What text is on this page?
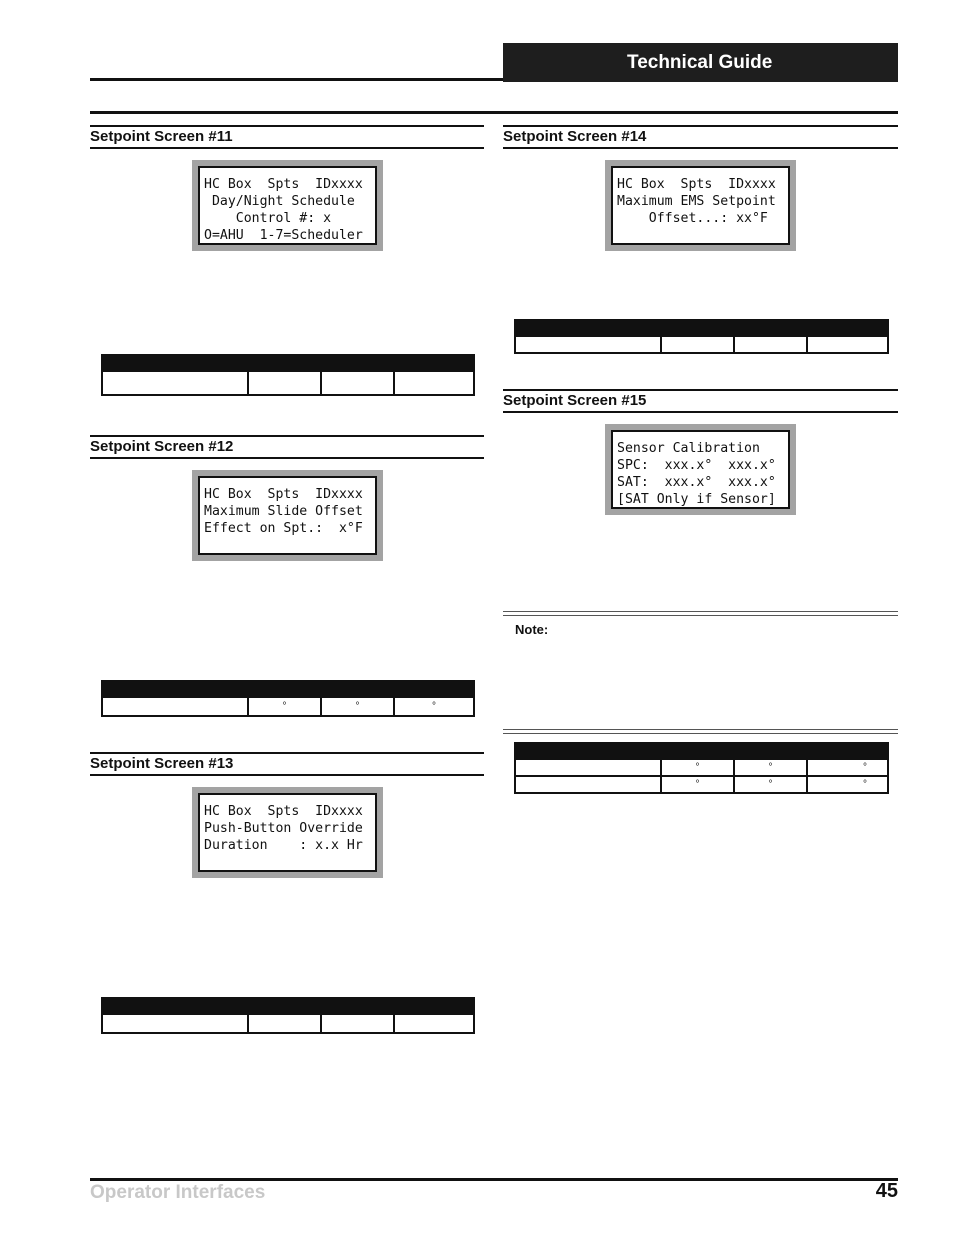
Technical Guide
Setpoint Screen #11
HC Box  Spts  IDxxxx
Day/Night Schedule
Control #: x
O=AHU  1-7=Scheduler

Setpoint Screen #12
HC Box  Spts  IDxxxx
Maximum Slide Offset
Effect on Spt.:  x°F

	°	°	°
Setpoint Screen #13
HC Box  Spts  IDxxxx
Push-Button Override
Duration    : x.x Hr

Setpoint Screen #14
HC Box  Spts  IDxxxx
Maximum EMS Setpoint
Offset...: xx°F

Setpoint Screen #15
Sensor Calibration
SPC:  xxx.x°  xxx.x°
SAT:  xxx.x°  xxx.x°
[SAT Only if Sensor]
Note:

	°	°	°
	°	°	°
Operator Interfaces	45
